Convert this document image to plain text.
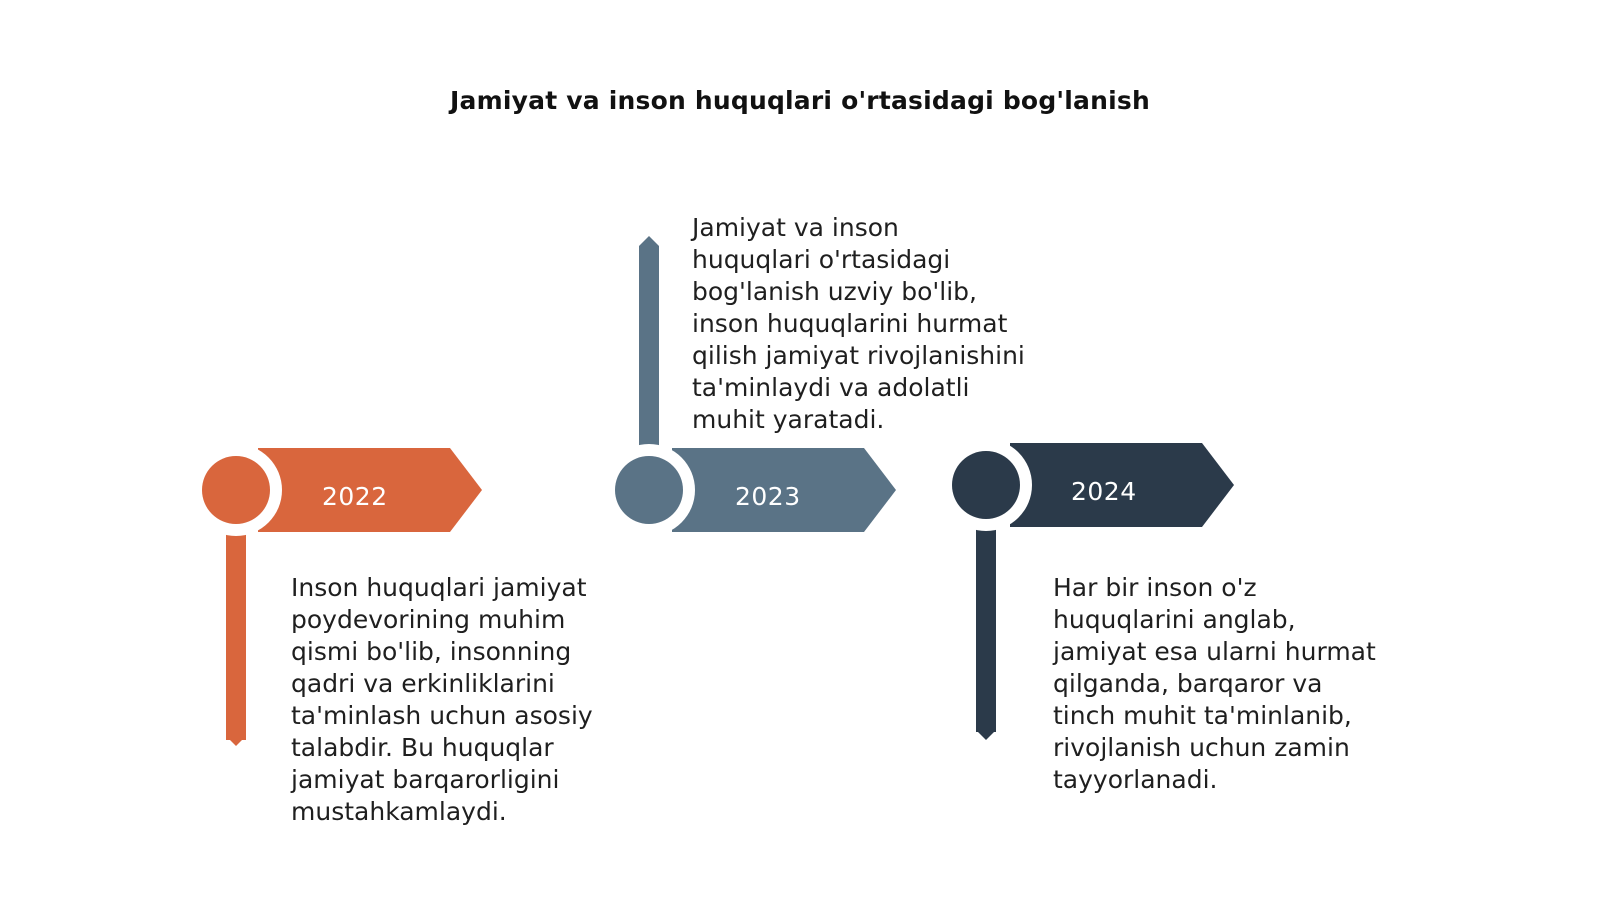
Jamiyat va inson huquqlari o'rtasidagi bog'lanish
2022	2023	2024
Inson huquqlari jamiyat
poydevorining muhim
qismi bo'lib, insonning
qadri va erkinliklarini
ta'minlash uchun asosiy
talabdir. Bu huquqlar
jamiyat barqarorligini
mustahkamlaydi.
Jamiyat va inson
huquqlari o'rtasidagi
bog'lanish uzviy bo'lib,
inson huquqlarini hurmat
qilish jamiyat rivojlanishini
ta'minlaydi va adolatli
muhit yaratadi.
Har bir inson o'z
huquqlarini anglab,
jamiyat esa ularni hurmat
qilganda, barqaror va
tinch muhit ta'minlanib,
rivojlanish uchun zamin
tayyorlanadi.
